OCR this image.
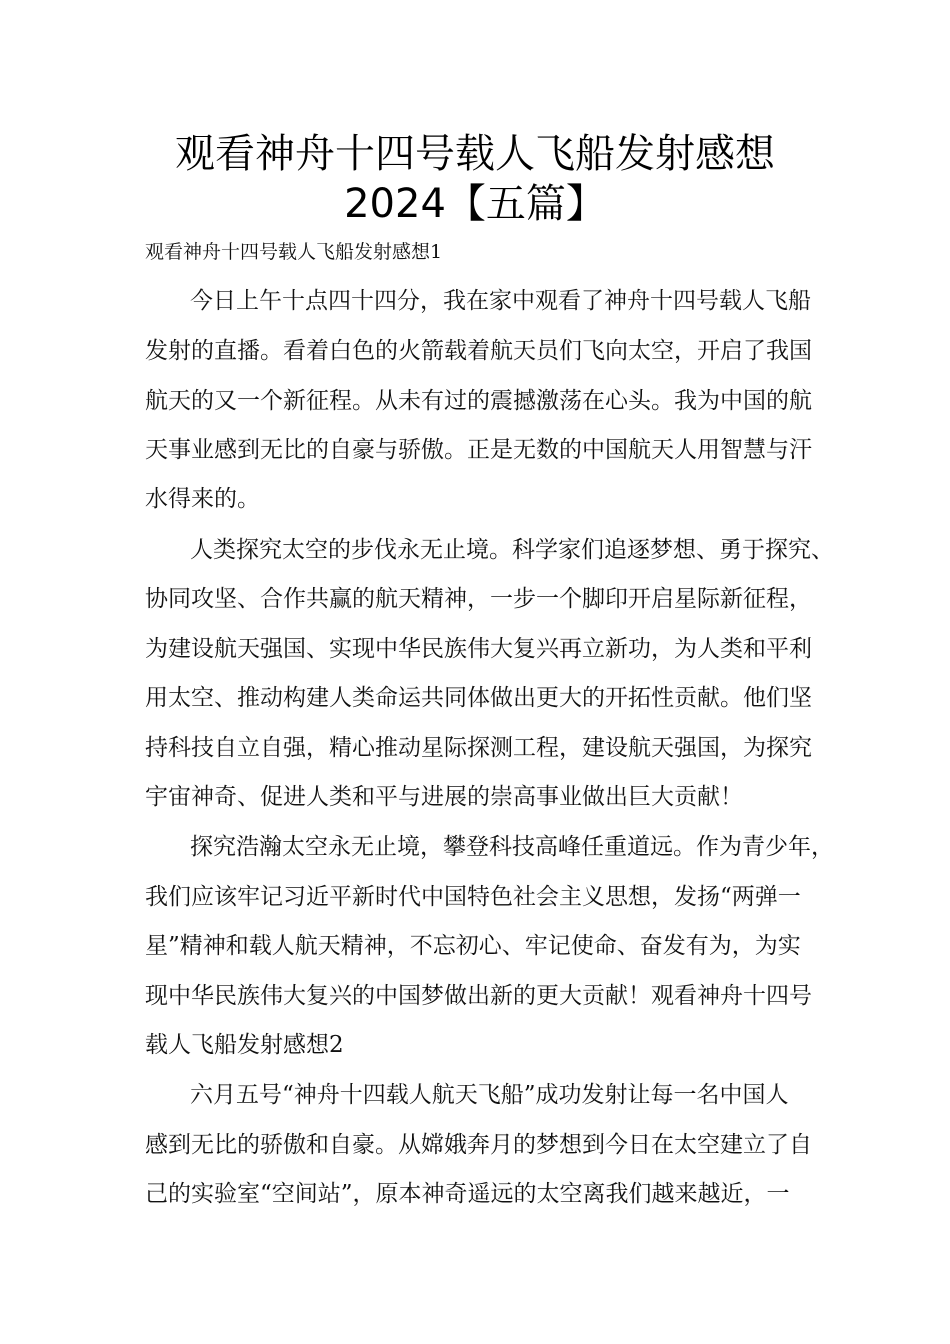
观看神舟十四号载人飞船发射感想
2024【五篇】
观看神舟十四号载人飞船发射感想1
今日上午十点四十四分，我在家中观看了神舟十四号载人飞船
发射的直播。看着白色的火箭载着航天员们飞向太空，开启了我国
航天的又一个新征程。从未有过的震撼激荡在心头。我为中国的航
天事业感到无比的自豪与骄傲。正是无数的中国航天人用智慧与汗
水得来的。
人类探究太空的步伐永无止境。科学家们追逐梦想、勇于探究、
协同攻坚、合作共赢的航天精神，一步一个脚印开启星际新征程，
为建设航天强国、实现中华民族伟大复兴再立新功，为人类和平利
用太空、推动构建人类命运共同体做出更大的开拓性贡献。他们坚
持科技自立自强，精心推动星际探测工程，建设航天强国，为探究
宇宙神奇、促进人类和平与进展的崇高事业做出巨大贡献！
探究浩瀚太空永无止境，攀登科技高峰任重道远。作为青少年，
我们应该牢记习近平新时代中国特色社会主义思想，发扬“两弹一
星”精神和载人航天精神，不忘初心、牢记使命、奋发有为，为实
现中华民族伟大复兴的中国梦做出新的更大贡献！观看神舟十四号
载人飞船发射感想2
六月五号“神舟十四载人航天飞船”成功发射让每一名中国人
感到无比的骄傲和自豪。从嫦娥奔月的梦想到今日在太空建立了自
己的实验室“空间站”，原本神奇遥远的太空离我们越来越近，一
